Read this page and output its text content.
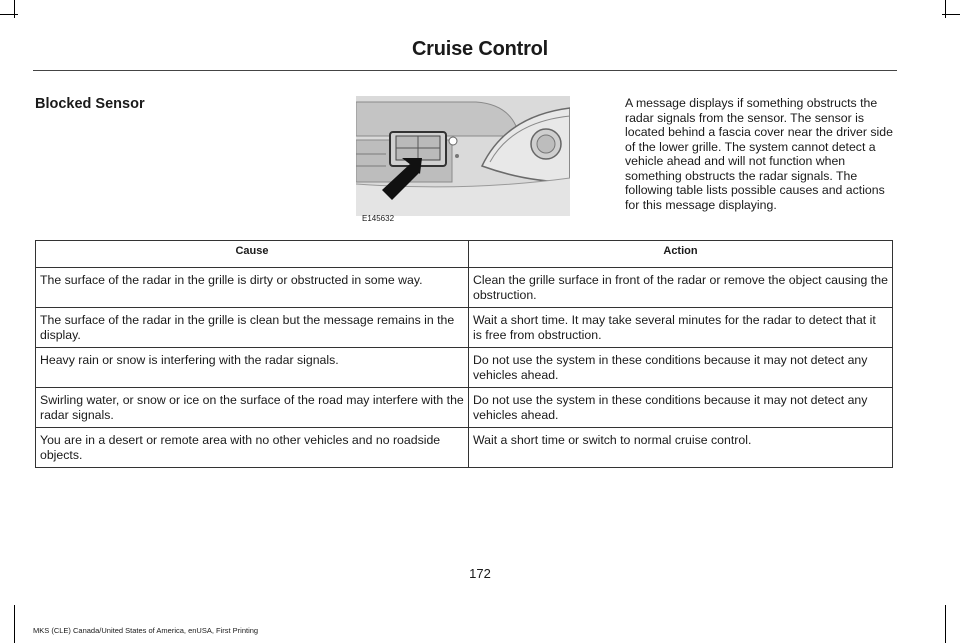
Cruise Control
Blocked Sensor
E145632
A message displays if something obstructs the radar signals from the sensor. The sensor is located behind a fascia cover near the driver side of the lower grille. The system cannot detect a vehicle ahead and will not function when something obstructs the radar signals. The following table lists possible causes and actions for this message displaying.
Cause	Action
The surface of the radar in the grille is dirty or obstructed in some way.	Clean the grille surface in front of the radar or remove the object causing the obstruction.
The surface of the radar in the grille is clean but the message remains in the display.	Wait a short time. It may take several minutes for the radar to detect that it is free from obstruction.
Heavy rain or snow is interfering with the radar signals.	Do not use the system in these conditions because it may not detect any vehicles ahead.
Swirling water, or snow or ice on the surface of the road may interfere with the radar signals.	Do not use the system in these conditions because it may not detect any vehicles ahead.
You are in a desert or remote area with no other vehicles and no roadside objects.	Wait a short time or switch to normal cruise control.
172
MKS (CLE) Canada/United States of America, enUSA, First Printing
